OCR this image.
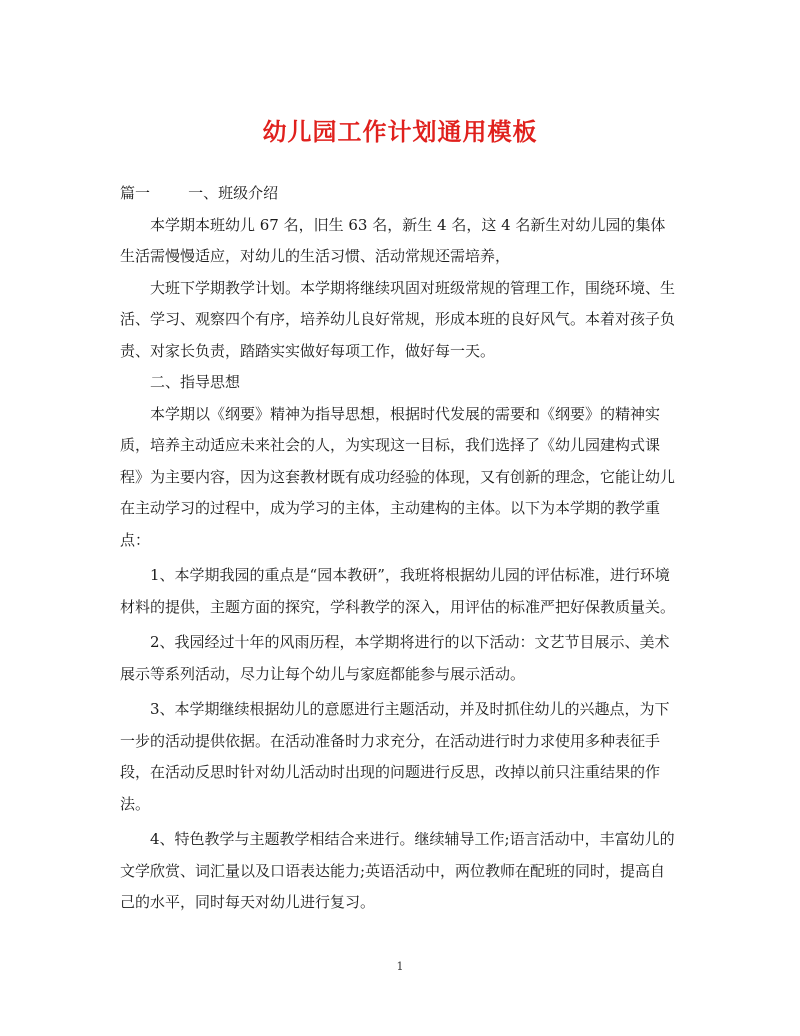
幼儿园工作计划通用模板

篇一	一、班级介绍

本学期本班幼儿 67 名，旧生 63 名，新生 4 名，这 4 名新生对幼儿园的集体生活需慢慢适应，对幼儿的生活习惯、活动常规还需培养，

大班下学期教学计划。本学期将继续巩固对班级常规的管理工作，围绕环境、生活、学习、观察四个有序，培养幼儿良好常规，形成本班的良好风气。本着对孩子负责、对家长负责，踏踏实实做好每项工作，做好每一天。

二、指导思想

本学期以《纲要》精神为指导思想，根据时代发展的需要和《纲要》的精神实质，培养主动适应未来社会的人，为实现这一目标，我们选择了《幼儿园建构式课程》为主要内容，因为这套教材既有成功经验的体现，又有创新的理念，它能让幼儿在主动学习的过程中，成为学习的主体，主动建构的主体。以下为本学期的教学重点：

1、本学期我园的重点是“园本教研”，我班将根据幼儿园的评估标准，进行环境材料的提供，主题方面的探究，学科教学的深入，用评估的标准严把好保教质量关。

2、我园经过十年的风雨历程，本学期将进行的以下活动：文艺节目展示、美术展示等系列活动，尽力让每个幼儿与家庭都能参与展示活动。

3、本学期继续根据幼儿的意愿进行主题活动，并及时抓住幼儿的兴趣点，为下一步的活动提供依据。在活动准备时力求充分，在活动进行时力求使用多种表征手段，在活动反思时针对幼儿活动时出现的问题进行反思，改掉以前只注重结果的作法。

4、特色教学与主题教学相结合来进行。继续辅导工作;语言活动中，丰富幼儿的文学欣赏、词汇量以及口语表达能力;英语活动中，两位教师在配班的同时，提高自己的水平，同时每天对幼儿进行复习。

1
